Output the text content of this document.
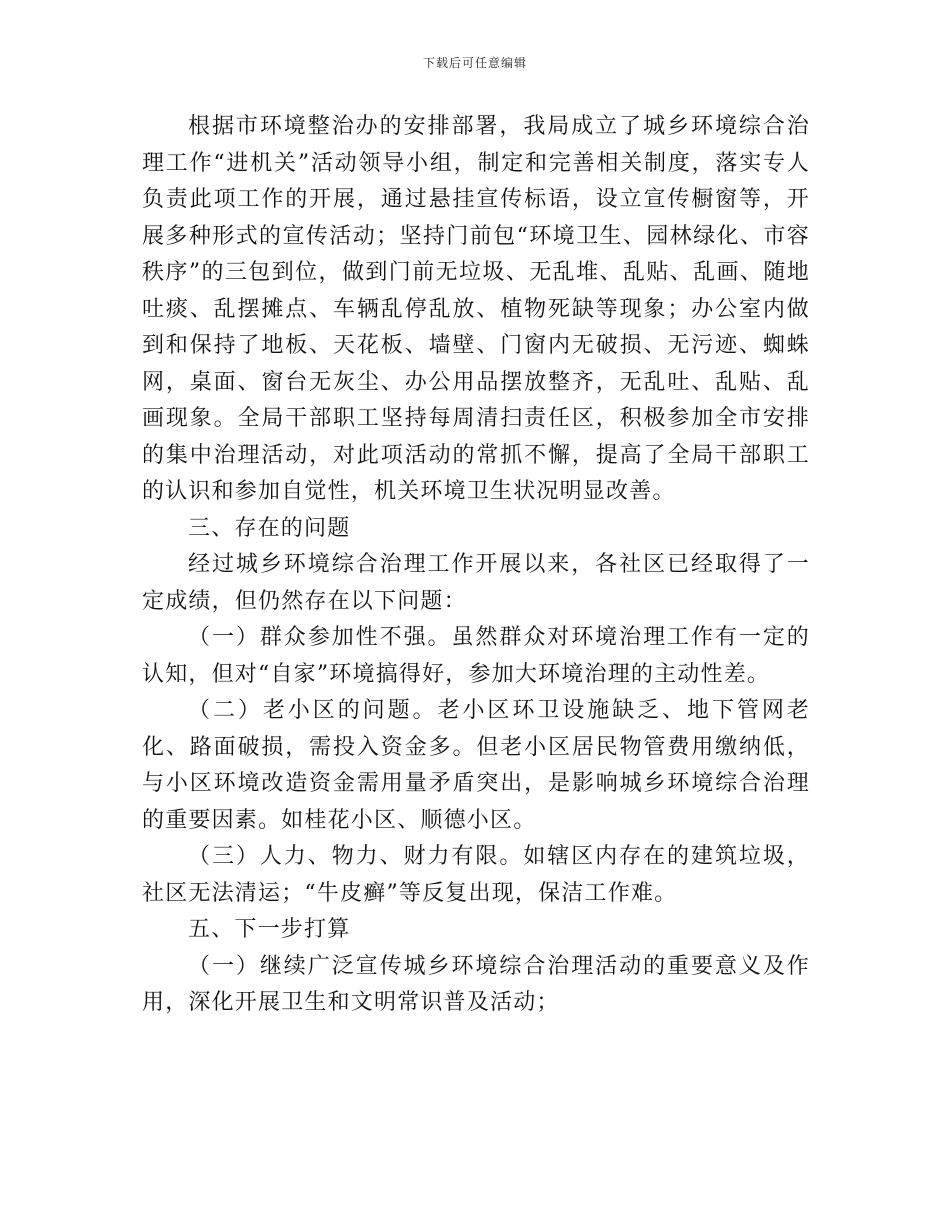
下载后可任意编辑

根据市环境整治办的安排部署，我局成立了城乡环境综合治理工作“进机关”活动领导小组，制定和完善相关制度，落实专人负责此项工作的开展，通过悬挂宣传标语，设立宣传橱窗等，开展多种形式的宣传活动；坚持门前包“环境卫生、园林绿化、市容秩序”的三包到位，做到门前无垃圾、无乱堆、乱贴、乱画、随地吐痰、乱摆摊点、车辆乱停乱放、植物死缺等现象；办公室内做到和保持了地板、天花板、墙壁、门窗内无破损、无污迹、蜘蛛网，桌面、窗台无灰尘、办公用品摆放整齐，无乱吐、乱贴、乱画现象。全局干部职工坚持每周清扫责任区，积极参加全市安排的集中治理活动，对此项活动的常抓不懈，提高了全局干部职工的认识和参加自觉性，机关环境卫生状况明显改善。

三、存在的问题

经过城乡环境综合治理工作开展以来，各社区已经取得了一定成绩，但仍然存在以下问题：

（一）群众参加性不强。虽然群众对环境治理工作有一定的认知，但对“自家”环境搞得好，参加大环境治理的主动性差。

（二）老小区的问题。老小区环卫设施缺乏、地下管网老化、路面破损，需投入资金多。但老小区居民物管费用缴纳低，与小区环境改造资金需用量矛盾突出，是影响城乡环境综合治理的重要因素。如桂花小区、顺德小区。

（三）人力、物力、财力有限。如辖区内存在的建筑垃圾，社区无法清运；“牛皮癣”等反复出现，保洁工作难。

五、下一步打算

（一）继续广泛宣传城乡环境综合治理活动的重要意义及作用，深化开展卫生和文明常识普及活动；
